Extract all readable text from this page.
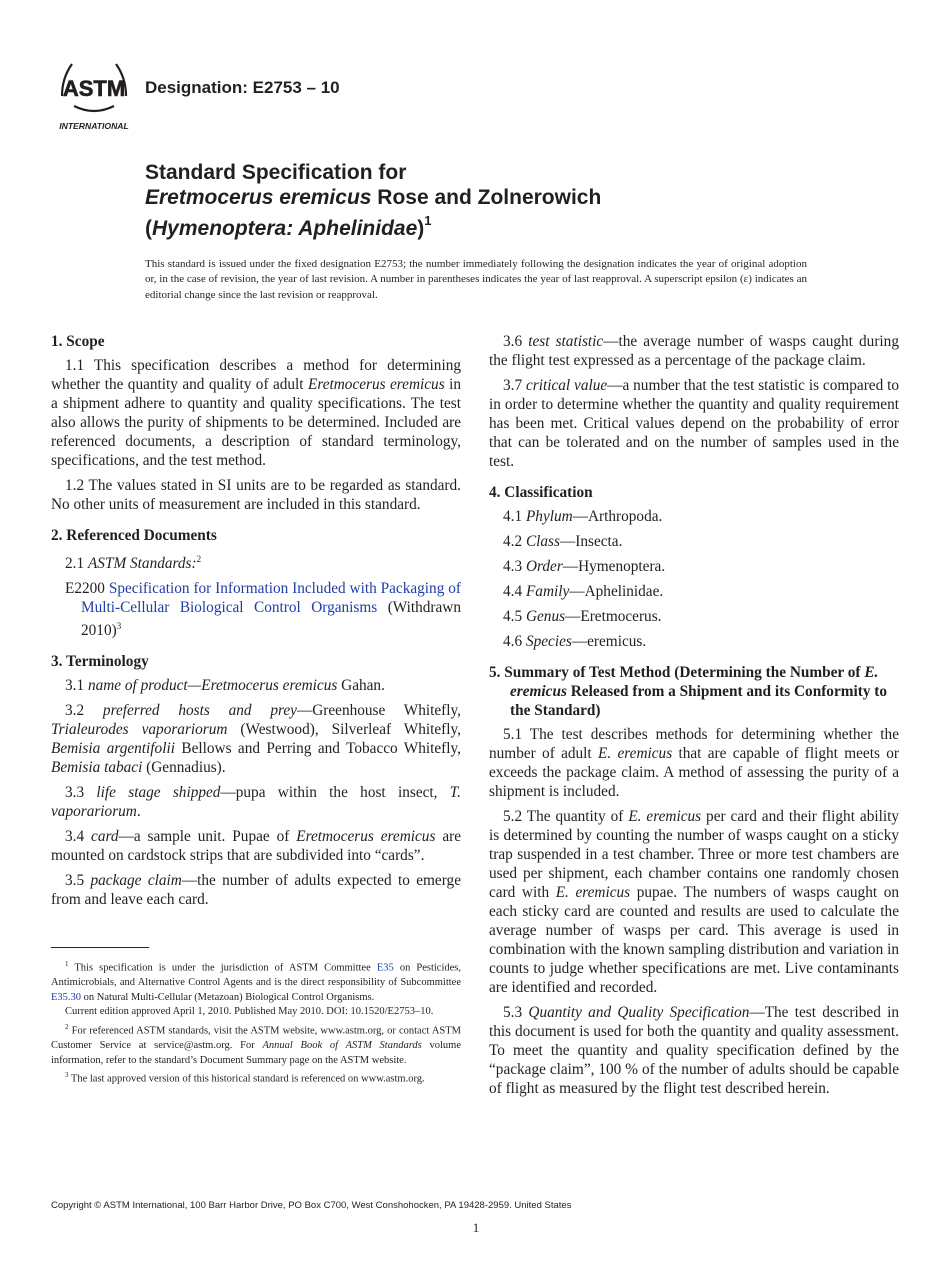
ASTM
INTERNATIONAL
Designation: E2753 – 10
Standard Specification for
Eretmocerus eremicus Rose and Zolnerowich
(Hymenoptera: Aphelinidae)$^1$
This standard is issued under the fixed designation E2753; the number immediately following the designation indicates the year of original adoption or, in the case of revision, the year of last revision. A number in parentheses indicates the year of last reapproval. A superscript epsilon (ε) indicates an editorial change since the last revision or reapproval.
1. Scope

1.1 This specification describes a method for determining whether the quantity and quality of adult Eretmocerus eremicus in a shipment adhere to quantity and quality specifications. The test also allows the purity of shipments to be determined. Included are referenced documents, a description of standard terminology, specifications, and the test method.

1.2 The values stated in SI units are to be regarded as standard. No other units of measurement are included in this standard.

2. Referenced Documents
2.1 ASTM Standards:$^2$
E2200 Specification for Information Included with Packaging of Multi-Cellular Biological Control Organisms (Withdrawn 2010)$^3$
3. Terminology

3.1 name of product—Eretmocerus eremicus Gahan.

3.2 preferred hosts and prey—Greenhouse Whitefly, Trialeurodes vaporariorum (Westwood), Silverleaf Whitefly, Bemisia argentifolii Bellows and Perring and Tobacco Whitefly, Bemisia tabaci (Gennadius).

3.3 life stage shipped—pupa within the host insect, T. vaporariorum.

3.4 card—a sample unit. Pupae of Eretmocerus eremicus are mounted on cardstock strips that are subdivided into “cards”.

3.5 package claim—the number of adults expected to emerge from and leave each card.

$^1$ This specification is under the jurisdiction of ASTM Committee E35 on Pesticides, Antimicrobials, and Alternative Control Agents and is the direct responsibility of Subcommittee E35.30 on Natural Multi-Cellular (Metazoan) Biological Control Organisms.

Current edition approved April 1, 2010. Published May 2010. DOI: 10.1520/E2753–10.

$^2$ For referenced ASTM standards, visit the ASTM website, www.astm.org, or contact ASTM Customer Service at service@astm.org. For Annual Book of ASTM Standards volume information, refer to the standard’s Document Summary page on the ASTM website.

$^3$ The last approved version of this historical standard is referenced on www.astm.org.

3.6 test statistic—the average number of wasps caught during the flight test expressed as a percentage of the package claim.

3.7 critical value—a number that the test statistic is compared to in order to determine whether the quantity and quality requirement has been met. Critical values depend on the probability of error that can be tolerated and on the number of samples used in the test.

4. Classification
4.1 Phylum—Arthropoda.
4.2 Class—Insecta.
4.3 Order—Hymenoptera.
4.4 Family—Aphelinidae.
4.5 Genus—Eretmocerus.
4.6 Species—eremicus.
5. Summary of Test Method (Determining the Number of E. eremicus Released from a Shipment and its Conformity to the Standard)

5.1 The test describes methods for determining whether the number of adult E. eremicus that are capable of flight meets or exceeds the package claim. A method of assessing the purity of a shipment is included.

5.2 The quantity of E. eremicus per card and their flight ability is determined by counting the number of wasps caught on a sticky trap suspended in a test chamber. Three or more test chambers are used per shipment, each chamber contains one randomly chosen card with E. eremicus pupae. The numbers of wasps caught on each sticky card are counted and results are used to calculate the average number of wasps per card. This average is used in combination with the known sampling distribution and variation in counts to judge whether specifications are met. Live contaminants are identified and recorded.

5.3 Quantity and Quality Specification—The test described in this document is used for both the quantity and quality assessment. To meet the quantity and quality specification defined by the “package claim”, 100 % of the number of adults should be capable of flight as measured by the flight test described herein.

Copyright © ASTM International, 100 Barr Harbor Drive, PO Box C700, West Conshohocken, PA 19428-2959. United States
1
